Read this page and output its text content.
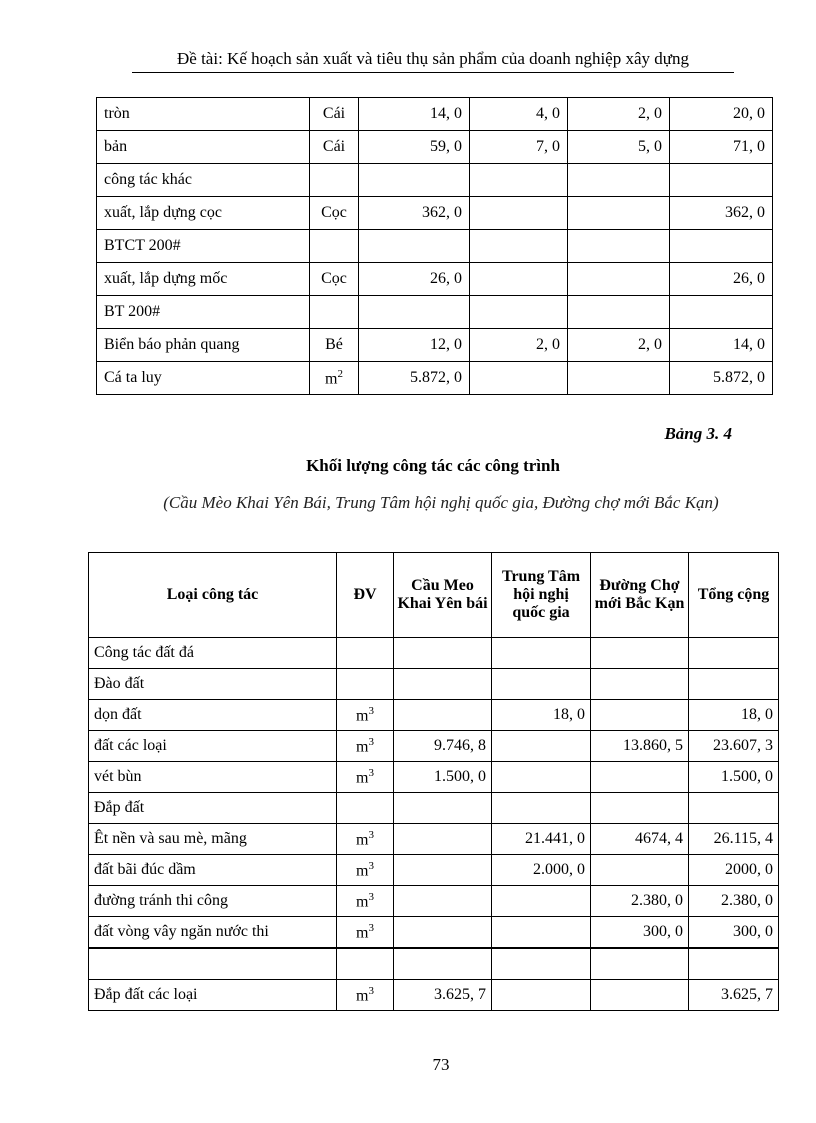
Đề tài: Kế hoạch sản xuất và tiêu thụ sản phẩm của doanh nghiệp xây dựng
tròn	Cái	14, 0	4, 0	2, 0	20, 0
bản	Cái	59, 0	7, 0	5, 0	71, 0
công tác khác					
xuất, lắp dựng cọc	Cọc	362, 0			362, 0
BTCT 200#					
xuất, lắp dựng mốc	Cọc	26, 0			26, 0
BT 200#					
Biển báo phản quang	Bé	12, 0	2, 0	2, 0	14, 0
Cá ta luy	$m^2$	5.872, 0			5.872, 0
Bảng 3. 4
Khối lượng công tác các công trình
(Cầu Mèo Khai Yên Bái, Trung Tâm hội nghị quốc gia, Đường chợ mới Bắc Kạn)
Loại công tác	ĐV	Cầu Meo Khai Yên bái	Trung Tâm hội nghị quốc gia	Đường Chợ mới Bắc Kạn	Tổng cộng
Công tác đất đá					
Đào đất					
dọn đất	$m^3$		18, 0		18, 0
đất các loại	$m^3$	9.746, 8		13.860, 5	23.607, 3
vét bùn	$m^3$	1.500, 0			1.500, 0
Đắp đất					
Êt nền và sau mè, mãng	$m^3$		21.441, 0	4674, 4	26.115, 4
đất bãi đúc dầm	$m^3$		2.000, 0		2000, 0
đường tránh thi công	$m^3$			2.380, 0	2.380, 0
đất vòng vây ngăn nước thi	$m^3$			300, 0	300, 0

Đắp đất các loại	$m^3$	3.625, 7			3.625, 7
73
